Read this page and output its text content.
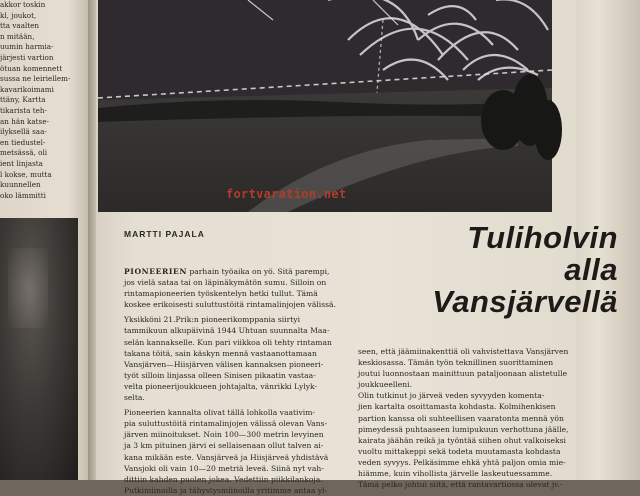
akkor toskin
kl, joukot,
tta vaalten
n mitään,
uumin harmia-
järjesti vartion
ötuan komennett
sussa ne leiriellem-
kavarikoimami
ttäny, Kartta
tikarista teh-
an hän katse-
ilyksellä saa-
en tiedustel-
metsässä, oli
ient linjasta
l kokse, mutta
kuunnellen
oko lämmitti	fortvaration.net
MARTTI PAJALA	Tuliholvin
alla
Vansjärvellä
PIONEERIEN parhain työaika on yö. Sitä parempi,
jos vielä sataa tai on läpinäkymätön sumu. Silloin on
rintamapioneerien työskentelyn hetki tullut. Tämä
koskee erikoisesti suluttustöitä rintamalinjojen välissä.
Yksikköni 21.Prik:n pioneerikomppania siirtyi
tammikuun alkupäivinä 1944 Uhtuan suunnalta Maa-
selän kannakselle. Kun pari viikkoa oli tehty rintaman
takana töitä, sain käskyn mennä vastaanottamaan
Vansjärven—Hiisjärven välisen kannaksen pioneeri-
työt silloin linjassa olleen Sinisen pikaatin vastaa-
velta pioneerijoukkueen johtajalta, vänrikki Lylyk-
selta.
Pioneerien kannalta olivat tällä lohkolla vaativim-
pia suluttustöitä rintamalinjojen välissä olevan Vans-
järven miinoitukset. Noin 100—300 metrin levyinen
ja 3 km pituinen järvi ei sellaisenaan ollut talven ai-
kana mikään este. Vansjärveä ja Hiisjärveä yhdistävä
Vansjoki oli vain 10—20 metriä leveä. Siinä nyt vah-
dittiin kahden puolen jokea. Vedettiin piikkilankoja.
Putkimiinoilla ja tähystysmiinoilla yritimme antaa yl-
seen, että jäämiinakenttiä oli vahvistettava Vansjärven
keskiosassa. Tämän työn teknillinen suorittaminen
joutui luonnostaan mainittuun pataljoonaan alistetulle
joukkueelleni.
Olin tutkinut jo järveä veden syvyyden komenta-
jien kartalta osoittamasta kohdasta. Kolmihenkisen
partion kanssa oli suhteellisen vaaratonta mennä yön
pimeydessä puhtaaseen lumipukuun verhottuna jäälle,
kairata jäähän reikä ja työntää siihen ohut valkoiseksi
vuoltu mittakeppi sekä todeta muutamasta kohdasta
veden syvyys. Pelkäsimme ehkä yhtä paljon omia mie-
hiämme, kuin vihollista järvelle laskeutuessamme.
Tämä pelko johtui siitä, että rantavartiossa olevat jv.-
